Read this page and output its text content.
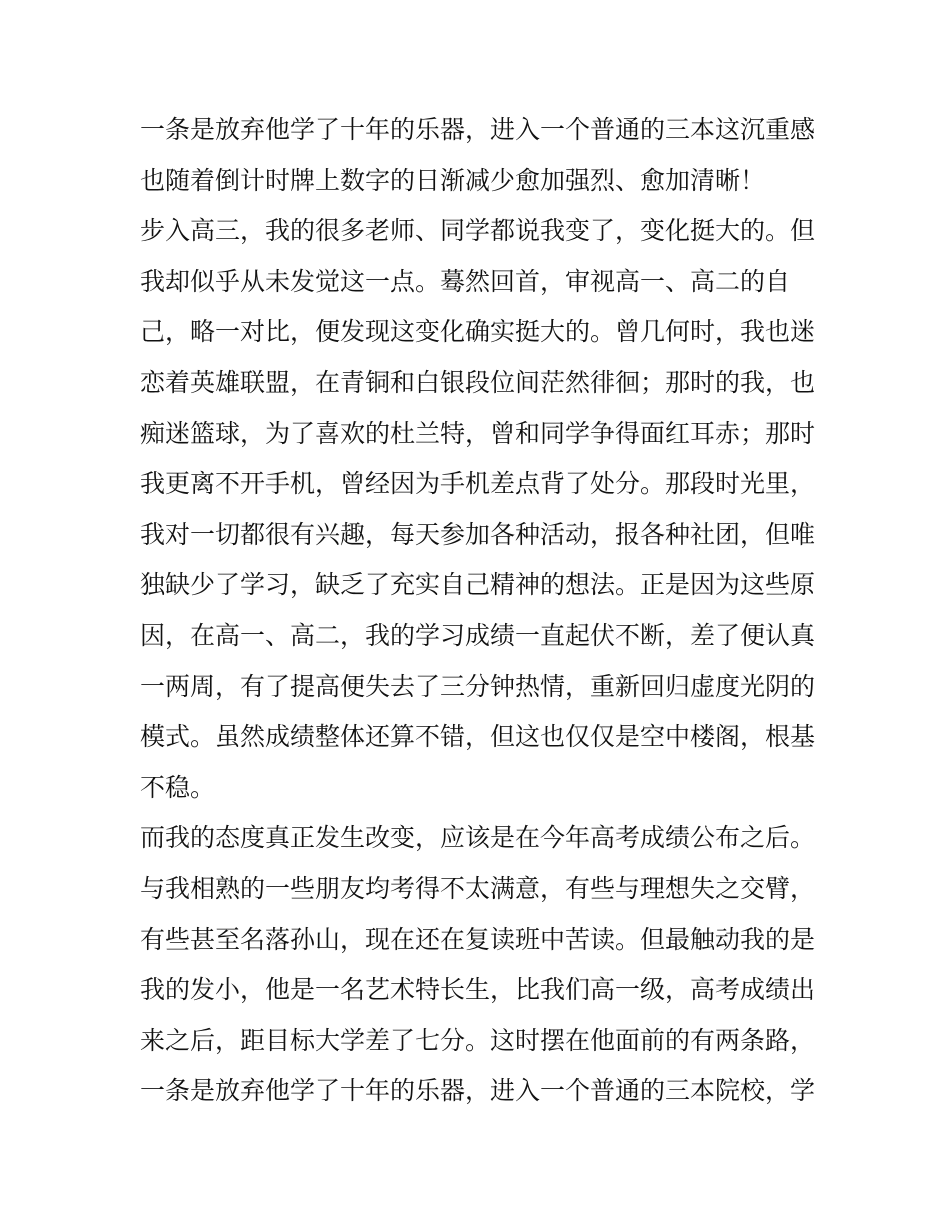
一条是放弃他学了十年的乐器，进入一个普通的三本这沉重感
也随着倒计时牌上数字的日渐减少愈加强烈、愈加清晰！
步入高三，我的很多老师、同学都说我变了，变化挺大的。但
我却似乎从未发觉这一点。蓦然回首，审视高一、高二的自
己，略一对比，便发现这变化确实挺大的。曾几何时，我也迷
恋着英雄联盟，在青铜和白银段位间茫然徘徊；那时的我，也
痴迷篮球，为了喜欢的杜兰特，曾和同学争得面红耳赤；那时
我更离不开手机，曾经因为手机差点背了处分。那段时光里，
我对一切都很有兴趣，每天参加各种活动，报各种社团，但唯
独缺少了学习，缺乏了充实自己精神的想法。正是因为这些原
因，在高一、高二，我的学习成绩一直起伏不断，差了便认真
一两周，有了提高便失去了三分钟热情，重新回归虚度光阴的
模式。虽然成绩整体还算不错，但这也仅仅是空中楼阁，根基
不稳。
而我的态度真正发生改变，应该是在今年高考成绩公布之后。
与我相熟的一些朋友均考得不太满意，有些与理想失之交臂，
有些甚至名落孙山，现在还在复读班中苦读。但最触动我的是
我的发小，他是一名艺术特长生，比我们高一级，高考成绩出
来之后，距目标大学差了七分。这时摆在他面前的有两条路，
一条是放弃他学了十年的乐器，进入一个普通的三本院校，学
